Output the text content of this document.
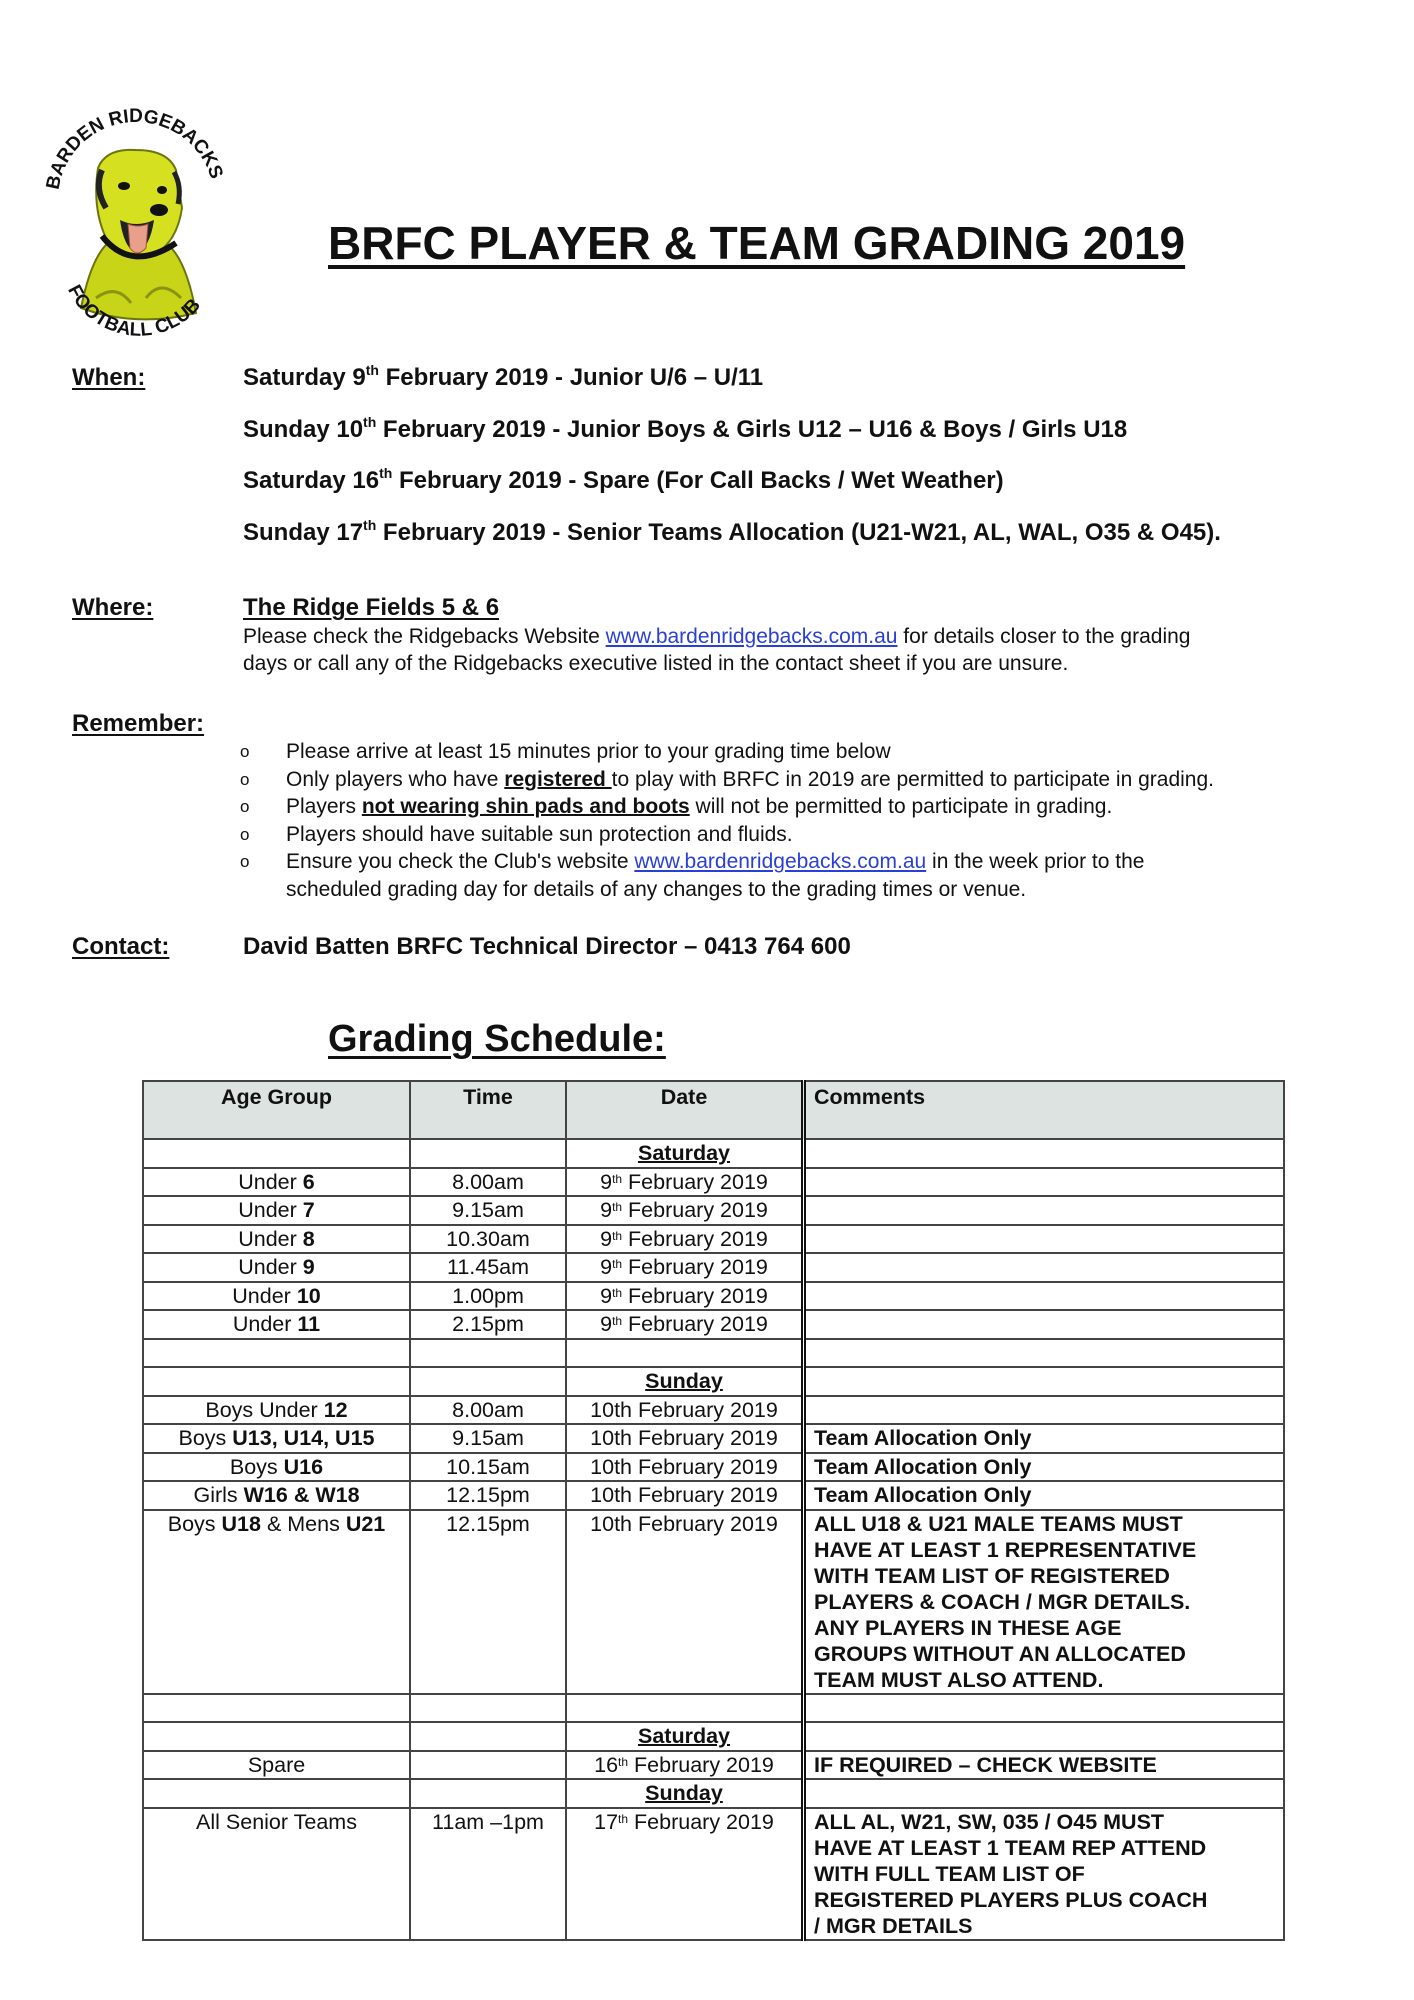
BARDEN RIDGEBACKS
FOOTBALL CLUB
BRFC PLAYER & TEAM GRADING 2019
When:	Saturday 9th February 2019 - Junior U/6 – U/11
Sunday 10th February 2019 - Junior Boys & Girls U12 – U16 & Boys / Girls U18
Saturday 16th February 2019 - Spare (For Call Backs / Wet Weather)
Sunday 17th February 2019 - Senior Teams Allocation (U21-W21, AL, WAL, O35 & O45).
Where:	The Ridge Fields 5 & 6
Please check the Ridgebacks Website www.bardenridgebacks.com.au for details closer to the grading
days or call any of the Ridgebacks executive listed in the contact sheet if you are unsure.
Remember:
o Please arrive at least 15 minutes prior to your grading time below
o Only players who have registered to play with BRFC in 2019 are permitted to participate in grading.
o Players not wearing shin pads and boots will not be permitted to participate in grading.
o Players should have suitable sun protection and fluids.
o Ensure you check the Club's website www.bardenridgebacks.com.au in the week prior to the
scheduled grading day for details of any changes to the grading times or venue.
Contact:	David Batten BRFC Technical Director – 0413 764 600
Grading Schedule:
Age Group	Time	Date	Comments
		Saturday	
Under 6	8.00am	9th February 2019	
Under 7	9.15am	9th February 2019	
Under 8	10.30am	9th February 2019	
Under 9	11.45am	9th February 2019	
Under 10	1.00pm	9th February 2019	
Under 11	2.15pm	9th February 2019	

		Sunday	
Boys Under 12	8.00am	10th February 2019	
Boys U13, U14, U15	9.15am	10th February 2019	Team Allocation Only
Boys U16	10.15am	10th February 2019	Team Allocation Only
Girls W16 & W18	12.15pm	10th February 2019	Team Allocation Only
Boys U18 & Mens U21	12.15pm	10th February 2019	ALL U18 & U21 MALE TEAMS MUST
HAVE AT LEAST 1 REPRESENTATIVE
WITH TEAM LIST OF REGISTERED
PLAYERS & COACH / MGR DETAILS.
ANY PLAYERS IN THESE AGE
GROUPS WITHOUT AN ALLOCATED
TEAM MUST ALSO ATTEND.

		Saturday	
Spare		16th February 2019	IF REQUIRED – CHECK WEBSITE
		Sunday	
All Senior Teams	11am –1pm	17th February 2019	ALL AL, W21, SW, 035 / O45 MUST
HAVE AT LEAST 1 TEAM REP ATTEND
WITH FULL TEAM LIST OF
REGISTERED PLAYERS PLUS COACH
/ MGR DETAILS
